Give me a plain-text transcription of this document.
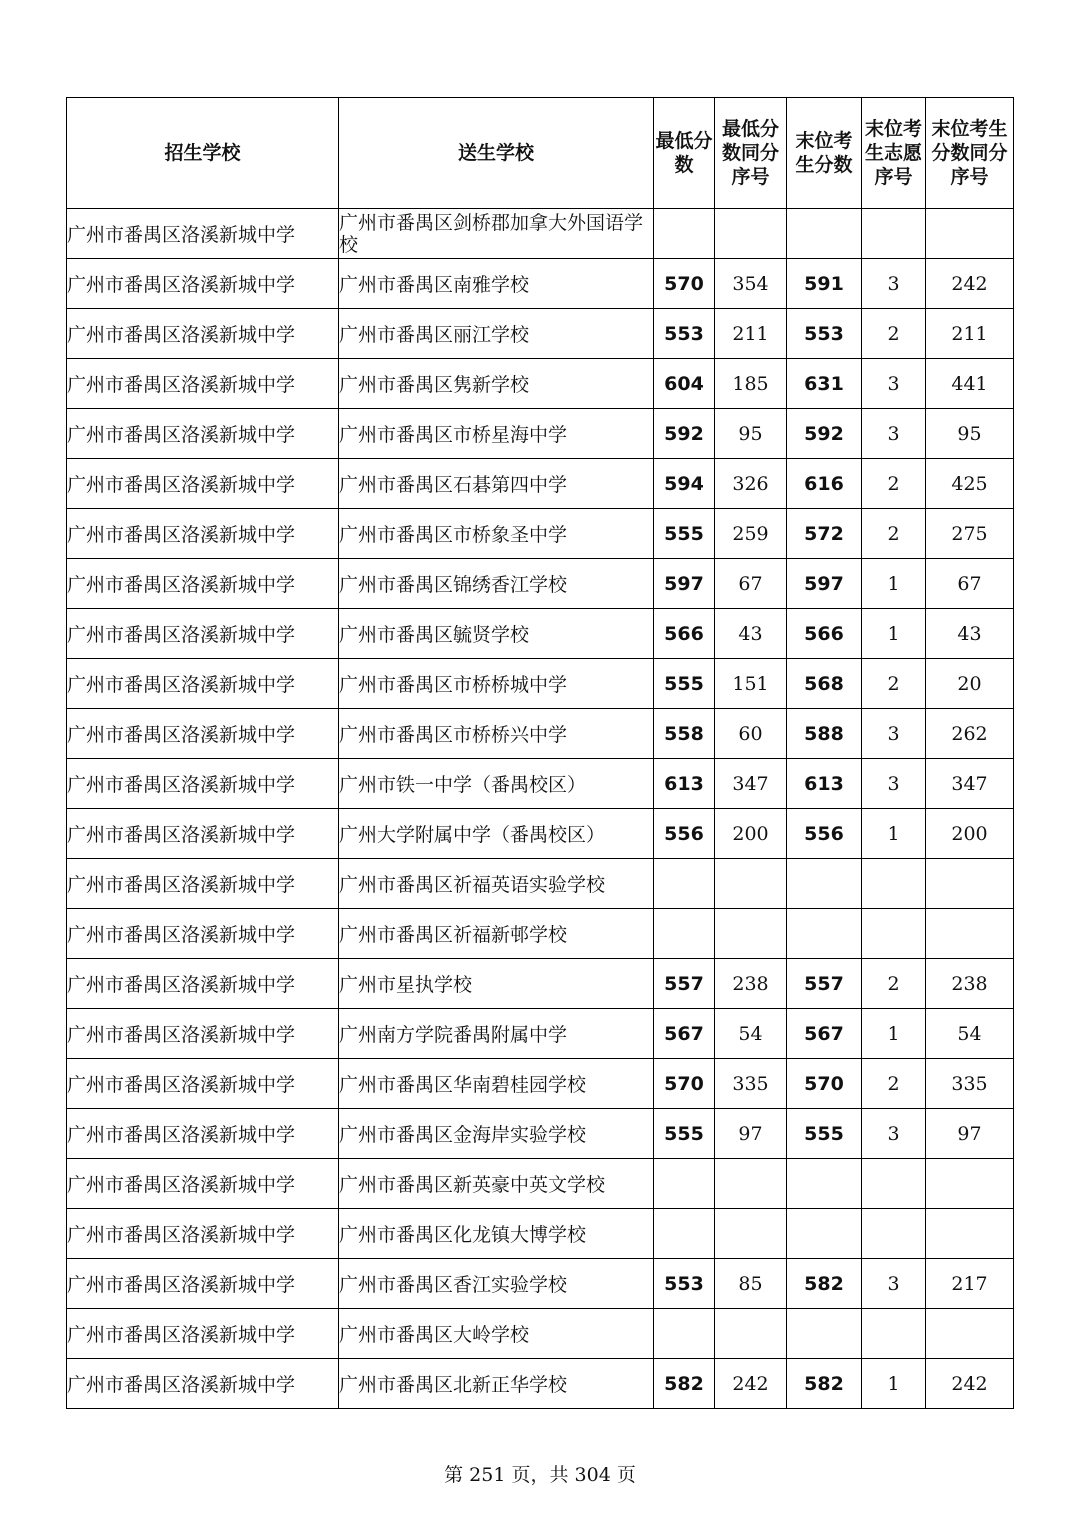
招生学校	送生学校	最低分数	最低分数同分序号	末位考生分数	末位考生志愿序号	末位考生分数同分序号
广州市番禺区洛溪新城中学	广州市番禺区剑桥郡加拿大外国语学校					
广州市番禺区洛溪新城中学	广州市番禺区南雅学校	570	354	591	3	242
广州市番禺区洛溪新城中学	广州市番禺区丽江学校	553	211	553	2	211
广州市番禺区洛溪新城中学	广州市番禺区隽新学校	604	185	631	3	441
广州市番禺区洛溪新城中学	广州市番禺区市桥星海中学	592	95	592	3	95
广州市番禺区洛溪新城中学	广州市番禺区石碁第四中学	594	326	616	2	425
广州市番禺区洛溪新城中学	广州市番禺区市桥象圣中学	555	259	572	2	275
广州市番禺区洛溪新城中学	广州市番禺区锦绣香江学校	597	67	597	1	67
广州市番禺区洛溪新城中学	广州市番禺区毓贤学校	566	43	566	1	43
广州市番禺区洛溪新城中学	广州市番禺区市桥桥城中学	555	151	568	2	20
广州市番禺区洛溪新城中学	广州市番禺区市桥桥兴中学	558	60	588	3	262
广州市番禺区洛溪新城中学	广州市铁一中学（番禺校区）	613	347	613	3	347
广州市番禺区洛溪新城中学	广州大学附属中学（番禺校区）	556	200	556	1	200
广州市番禺区洛溪新城中学	广州市番禺区祈福英语实验学校					
广州市番禺区洛溪新城中学	广州市番禺区祈福新邨学校					
广州市番禺区洛溪新城中学	广州市星执学校	557	238	557	2	238
广州市番禺区洛溪新城中学	广州南方学院番禺附属中学	567	54	567	1	54
广州市番禺区洛溪新城中学	广州市番禺区华南碧桂园学校	570	335	570	2	335
广州市番禺区洛溪新城中学	广州市番禺区金海岸实验学校	555	97	555	3	97
广州市番禺区洛溪新城中学	广州市番禺区新英豪中英文学校					
广州市番禺区洛溪新城中学	广州市番禺区化龙镇大博学校					
广州市番禺区洛溪新城中学	广州市番禺区香江实验学校	553	85	582	3	217
广州市番禺区洛溪新城中学	广州市番禺区大岭学校					
广州市番禺区洛溪新城中学	广州市番禺区北新正华学校	582	242	582	1	242
第 251 页，共 304 页
